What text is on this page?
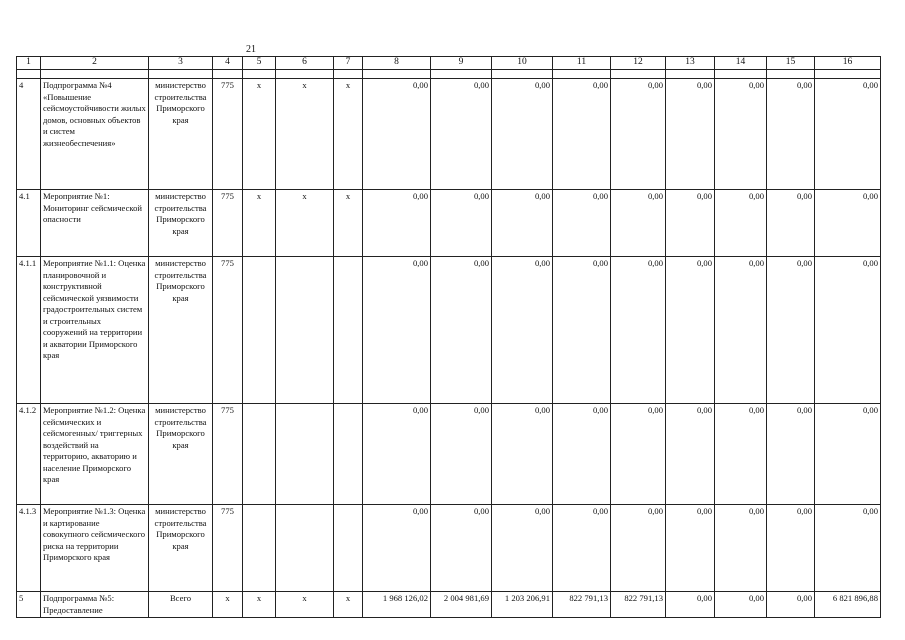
21
1	2	3	4	5	6	7	8	9	10	11	12	13	14	15	16

4	Подпрограмма №4 «Повышение сейсмоустойчивости жилых домов, основных объектов и систем жизнеобеспечения»	министерство строительства Приморского края	775	x	x	x	0,00	0,00	0,00	0,00	0,00	0,00	0,00	0,00	0,00
4.1	Мероприятие №1: Мониторинг сейсмической опасности	министерство строительства Приморского края	775	x	x	x	0,00	0,00	0,00	0,00	0,00	0,00	0,00	0,00	0,00
4.1.1	Мероприятие №1.1: Оценка планировочной и конструктивной сейсмической уязвимости градостроительных систем и строительных сооружений на территории и акватории Приморского края	министерство строительства Приморского края	775				0,00	0,00	0,00	0,00	0,00	0,00	0,00	0,00	0,00
4.1.2	Мероприятие №1.2: Оценка сейсмических и сейсмогенных/ триггерных воздействий на территорию, акваторию и население Приморского края	министерство строительства Приморского края	775				0,00	0,00	0,00	0,00	0,00	0,00	0,00	0,00	0,00
4.1.3	Мероприятие №1.3: Оценка и картирование совокупного сейсмического риска на территории Приморского края	министерство строительства Приморского края	775				0,00	0,00	0,00	0,00	0,00	0,00	0,00	0,00	0,00
5	Подпрограмма №5: Предоставление	Всего	x	x	x	x	1 968 126,02	2 004 981,69	1 203 206,91	822 791,13	822 791,13	0,00	0,00	0,00	6 821 896,88
